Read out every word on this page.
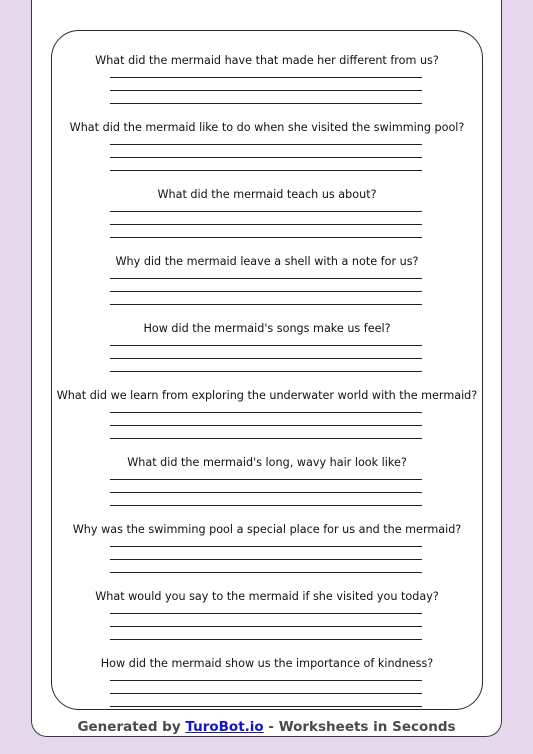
What did the mermaid have that made her different from us?
What did the mermaid like to do when she visited the swimming pool?
What did the mermaid teach us about?
Why did the mermaid leave a shell with a note for us?
How did the mermaid's songs make us feel?
What did we learn from exploring the underwater world with the mermaid?
What did the mermaid's long, wavy hair look like?
Why was the swimming pool a special place for us and the mermaid?
What would you say to the mermaid if she visited you today?
How did the mermaid show us the importance of kindness?
Generated by TuroBot.io - Worksheets in Seconds
